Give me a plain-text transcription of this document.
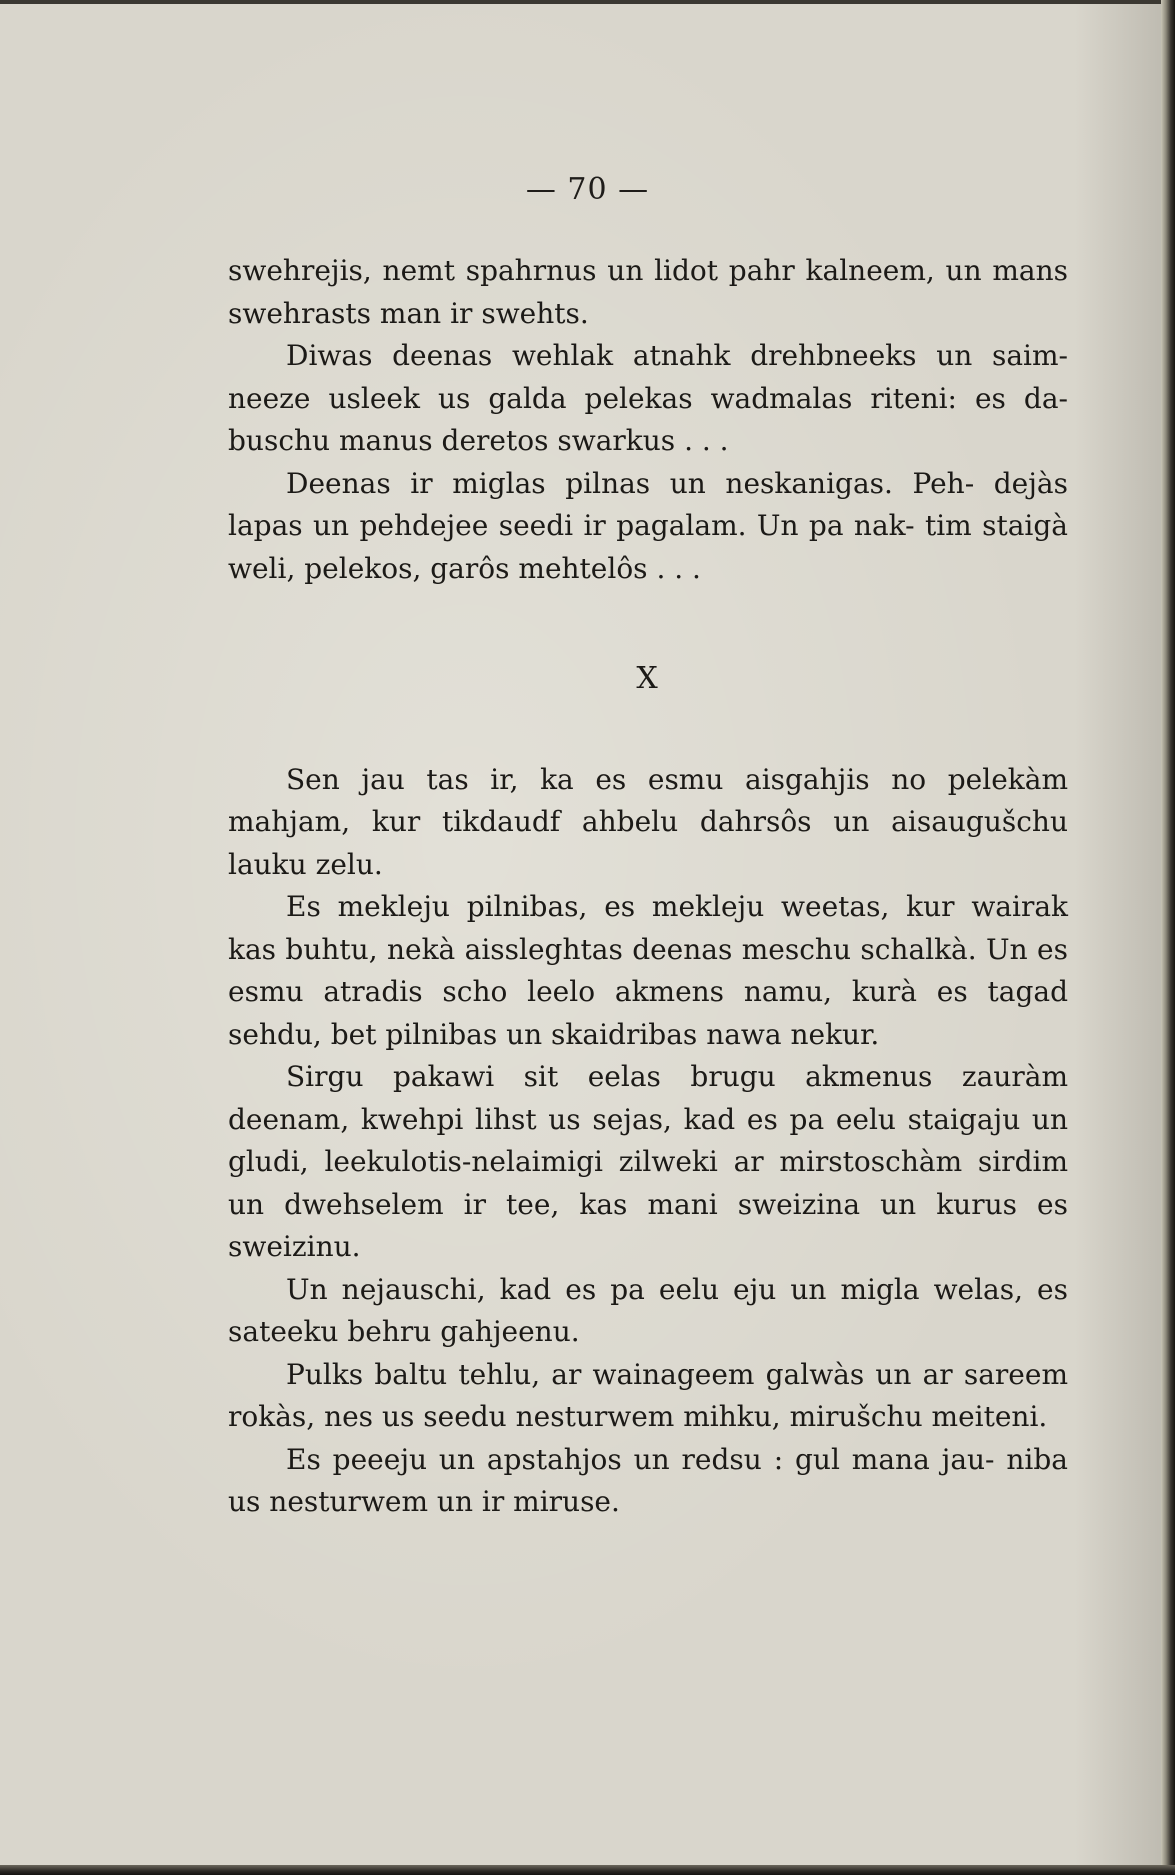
— 70 —

swehrejis, nemt spahrnus un lidot pahr kalneem, un mans swehrasts man ir swehts.

Diwas deenas wehlak atnahk drehbneeks un saim- neeze usleek us galda pelekas wadmalas riteni: es da- buschu manus deretos swarkus . . .

Deenas ir miglas pilnas un neskanigas. Peh- dejàs lapas un pehdejee seedi ir pagalam. Un pa nak- tim staigà weli, pelekos, garôs mehtelôs . . .

X

Sen jau tas ir, ka es esmu aisgahjis no pelekàm mahjam, kur tikdaudf ahbelu dahrsôs un aisaugušchu lauku zelu.

Es mekleju pilnibas, es mekleju weetas, kur wairak kas buhtu, nekà aissleghtas deenas meschu schalkà. Un es esmu atradis scho leelo akmens namu, kurà es tagad sehdu, bet pilnibas un skaidribas nawa nekur.

Sirgu pakawi sit eelas brugu akmenus zauràm deenam, kwehpi lihst us sejas, kad es pa eelu staigaju un gludi, leekulotis-nelaimigi zilweki ar mirstoschàm sirdim un dwehselem ir tee, kas mani sweizina un kurus es sweizinu.

Un nejauschi, kad es pa eelu eju un migla welas, es sateeku behru gahjeenu.

Pulks baltu tehlu, ar wainageem galwàs un ar sareem rokàs, nes us seedu nesturwem mihku, mirušchu meiteni.

Es peeeju un apstahjos un redsu : gul mana jau- niba us nesturwem un ir miruse.
